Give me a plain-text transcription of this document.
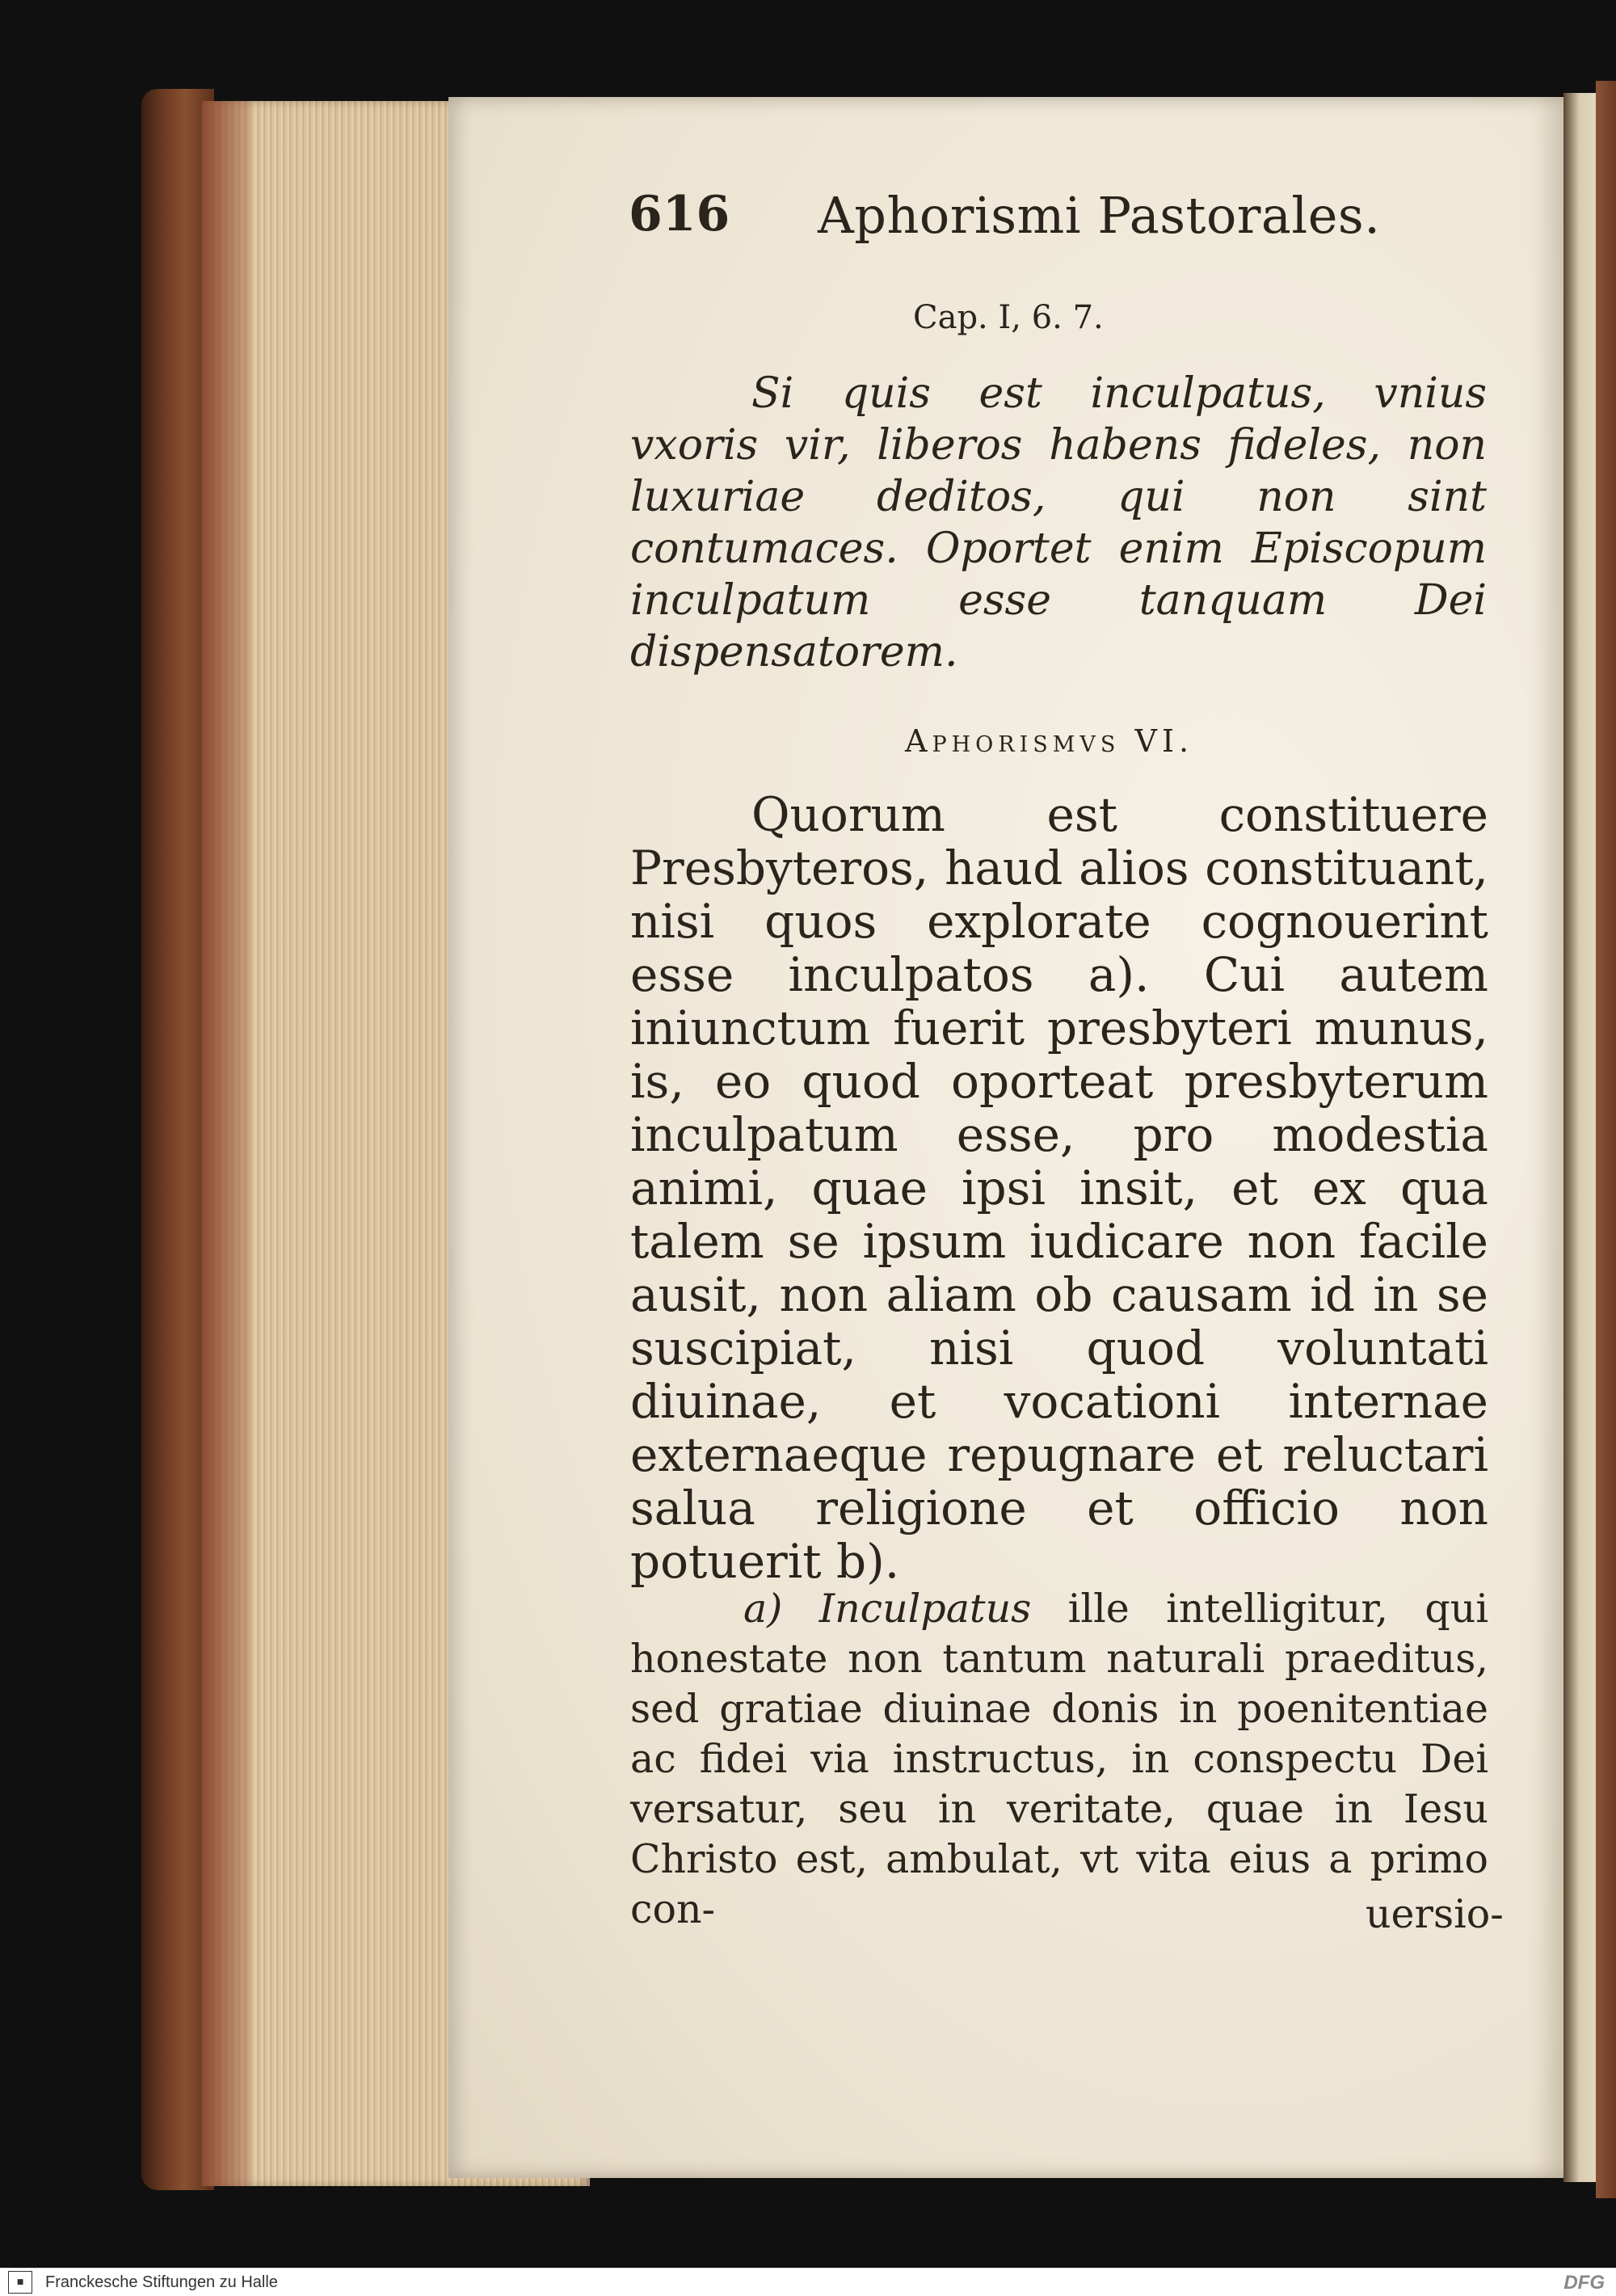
616 Aphorismi Pastorales.
Cap. I, 6. 7.
Si quis est inculpatus, vnius vxoris vir, liberos habens fideles, non luxuriae deditos, qui non sint contumaces. Oportet enim Episcopum inculpatum esse tanquam Dei dispensatorem.
Aphorismvs VI.
Quorum est constituere Presbyteros, haud alios constituant, nisi quos explorate cognouerint esse inculpatos a). Cui autem iniunctum fuerit presbyteri munus, is, eo quod oporteat presbyterum inculpatum esse, pro modestia animi, quae ipsi insit, et ex qua talem se ipsum iudicare non facile ausit, non aliam ob causam id in se suscipiat, nisi quod voluntati diuinae, et vocationi internae externaeque repugnare et reluctari salua religione et officio non potuerit b).
a) Inculpatus ille intelligitur, qui honestate non tantum naturali praeditus, sed gratiae diuinae donis in poenitentiae ac fidei via instructus, in conspectu Dei versatur, seu in veritate, quae in Iesu Christo est, ambulat, vt vita eius a primo con-	uersio-
■	Franckesche Stiftungen zu Halle	DFG
